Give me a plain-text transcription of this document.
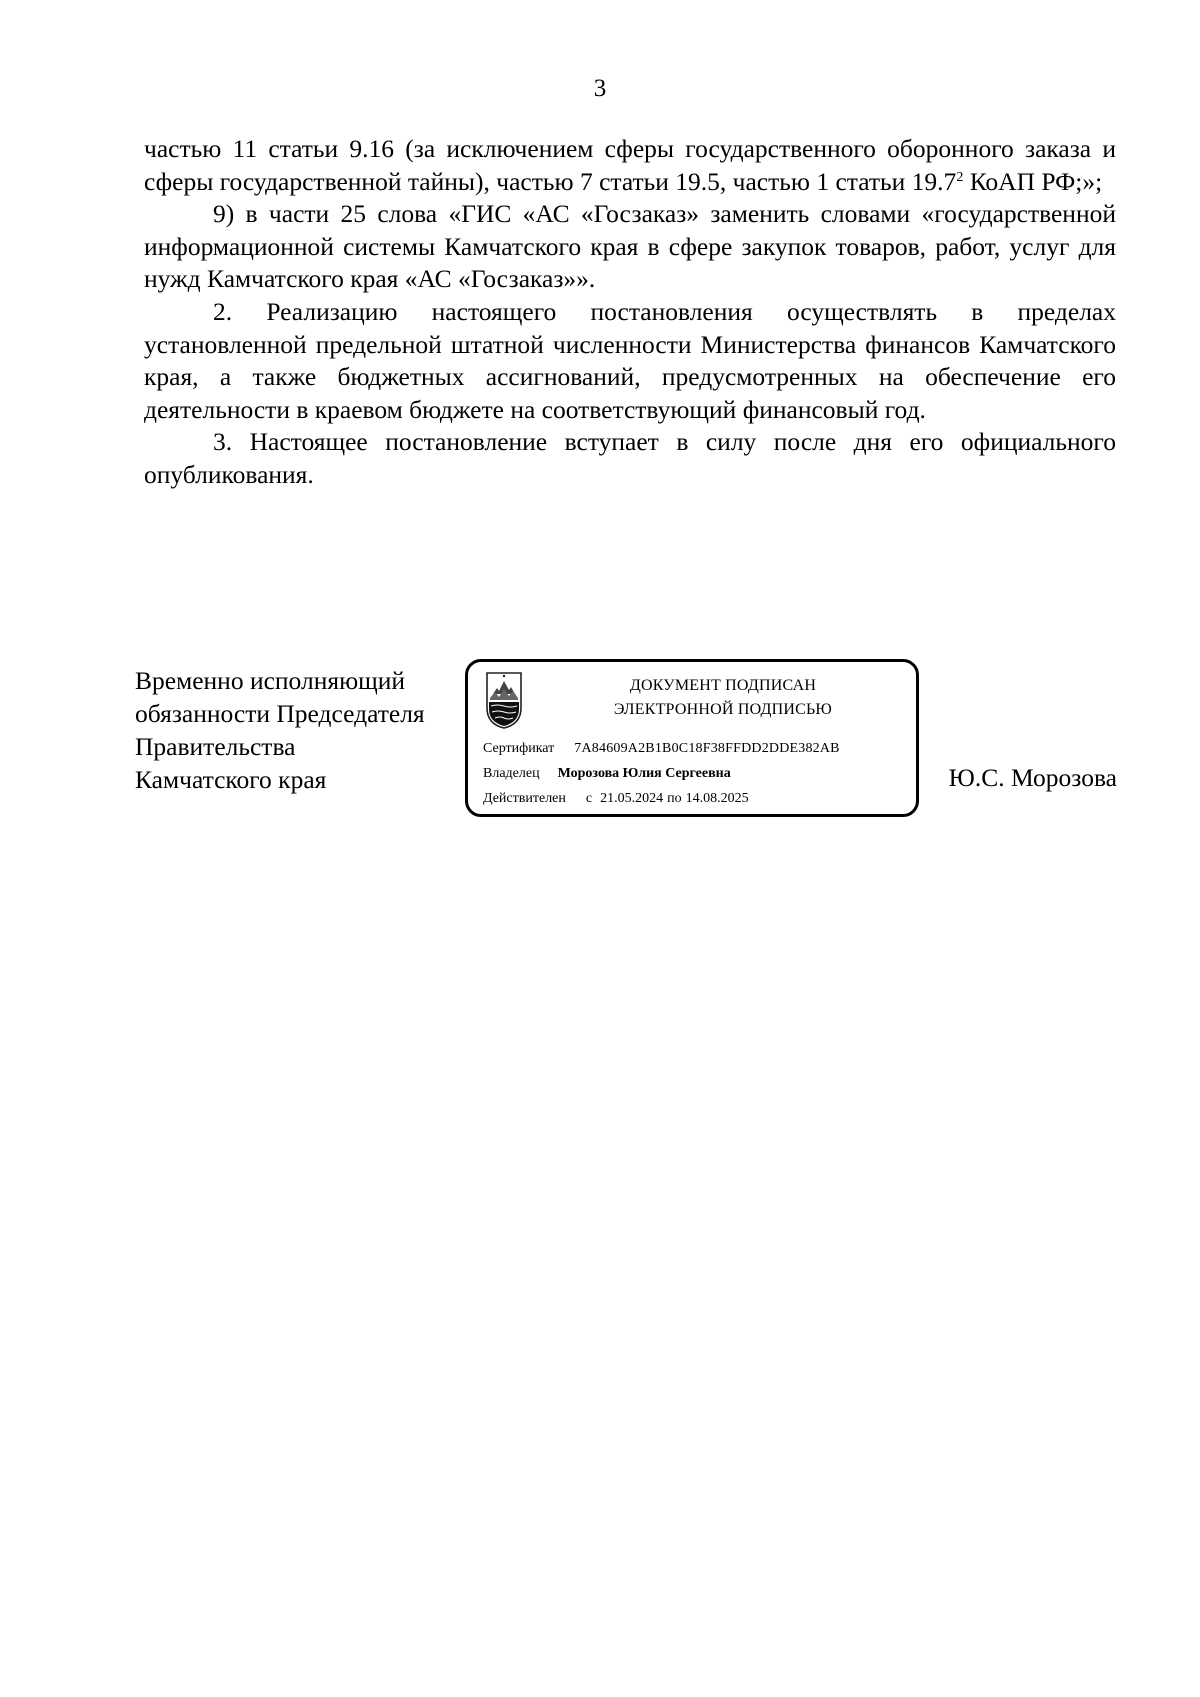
3

частью 11 статьи 9.16 (за исключением сферы государственного оборонного заказа и сферы государственной тайны), частью 7 статьи 19.5, частью 1 статьи 19.7$^2$ КоАП РФ;»;

9) в части 25 слова «ГИС «АС «Госзаказ» заменить словами «государственной информационной системы Камчатского края в сфере закупок товаров, работ, услуг для нужд Камчатского края «АС «Госзаказ»».

2. Реализацию настоящего постановления осуществлять в пределах установленной предельной штатной численности Министерства финансов Камчатского края, а также бюджетных ассигнований, предусмотренных на обеспечение его деятельности в краевом бюджете на соответствующий финансовый год.

3. Настоящее постановление вступает в силу после дня его официального опубликования.

Временно исполняющий
обязанности Председателя
Правительства
Камчатского края
ДОКУМЕНТ ПОДПИСАН
ЭЛЕКТРОННОЙ ПОДПИСЬЮ
Сертификат 7A84609A2B1B0C18F38FFDD2DDE382AB
Владелец Морозова Юлия Сергеевна
Действителен с 21.05.2024 по 14.08.2025
Ю.С. Морозова
